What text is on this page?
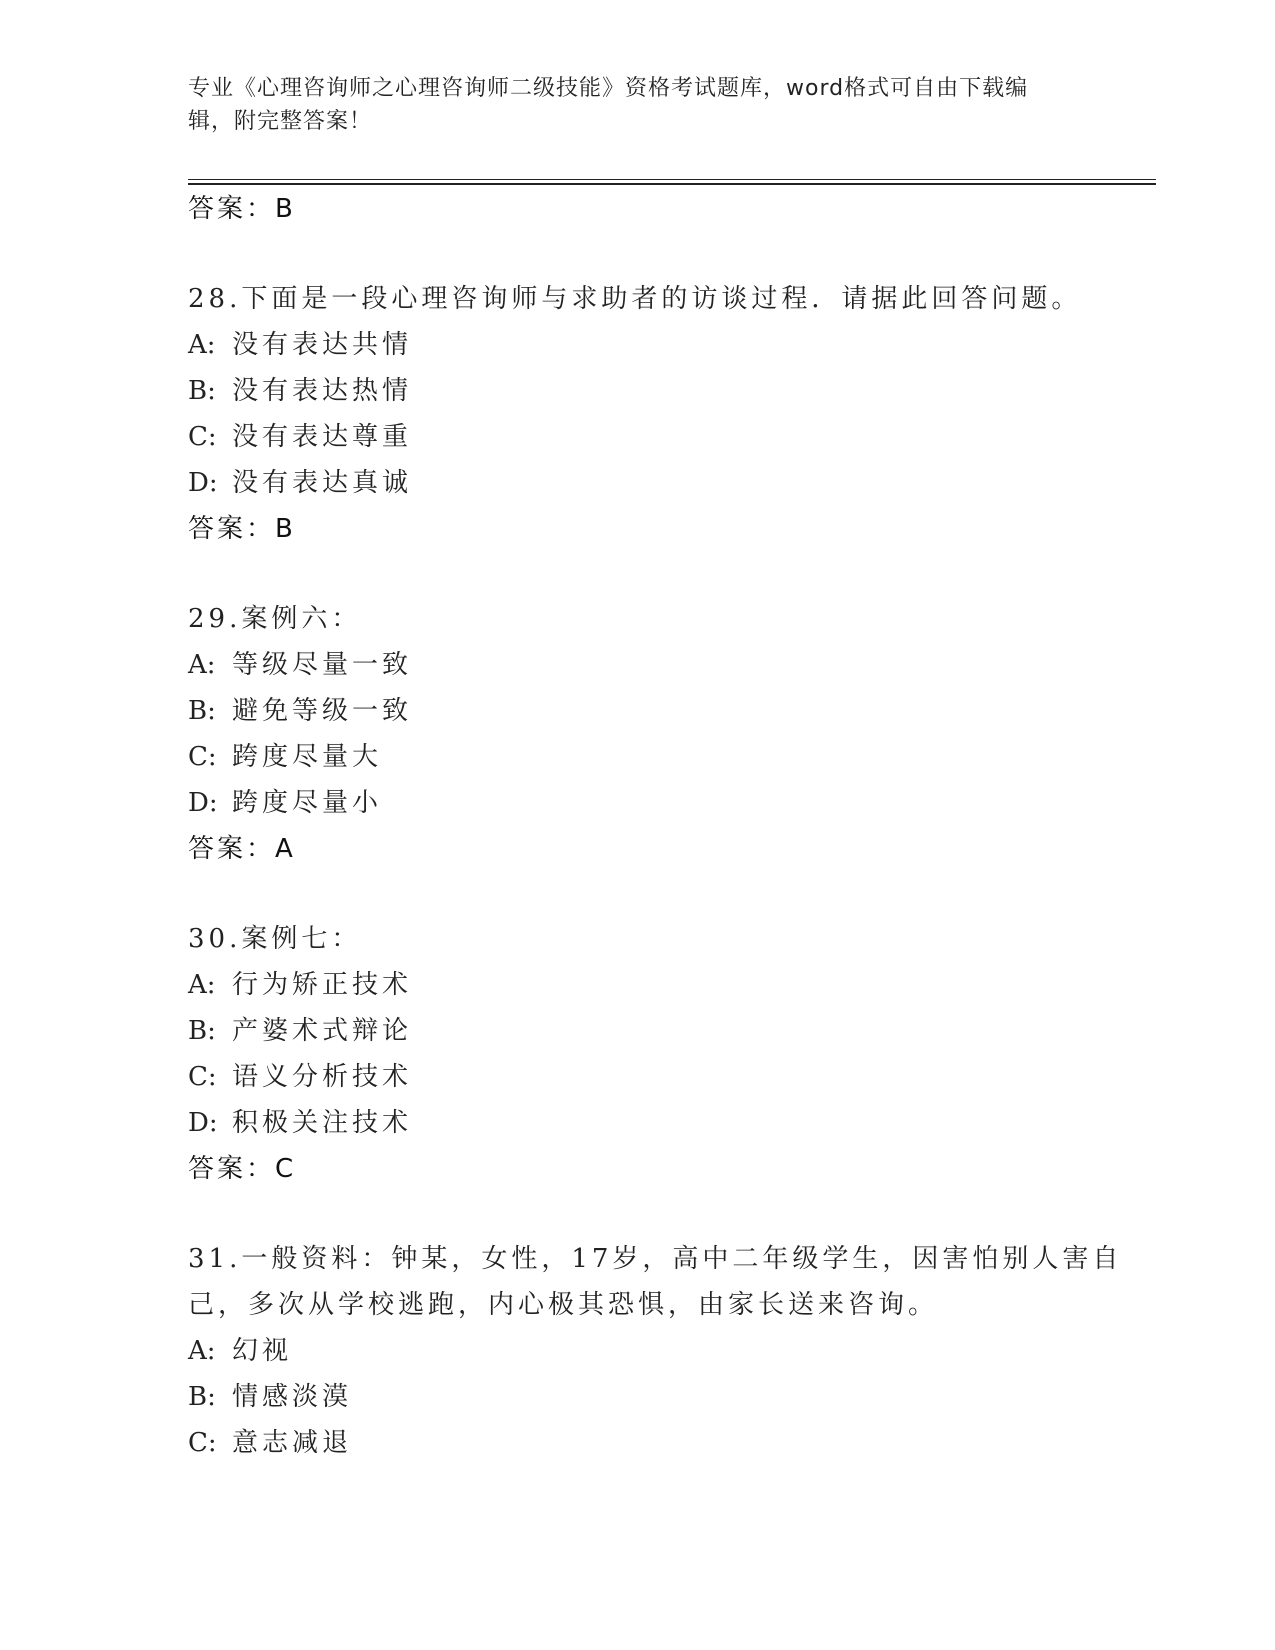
专业《心理咨询师之心理咨询师二级技能》资格考试题库，word格式可自由下载编辑，附完整答案！

答案：B

28.下面是一段心理咨询师与求助者的访谈过程．请据此回答问题。

A: 没有表达共情

B: 没有表达热情

C: 没有表达尊重

D: 没有表达真诚

答案：B

29.案例六：

A: 等级尽量一致

B: 避免等级一致

C: 跨度尽量大

D: 跨度尽量小

答案：A

30.案例七：

A: 行为矫正技术

B: 产婆术式辩论

C: 语义分析技术

D: 积极关注技术

答案：C

31.一般资料：钟某，女性，17岁，高中二年级学生，因害怕别人害自己，多次从学校逃跑，内心极其恐惧，由家长送来咨询。

A: 幻视

B: 情感淡漠

C: 意志减退
